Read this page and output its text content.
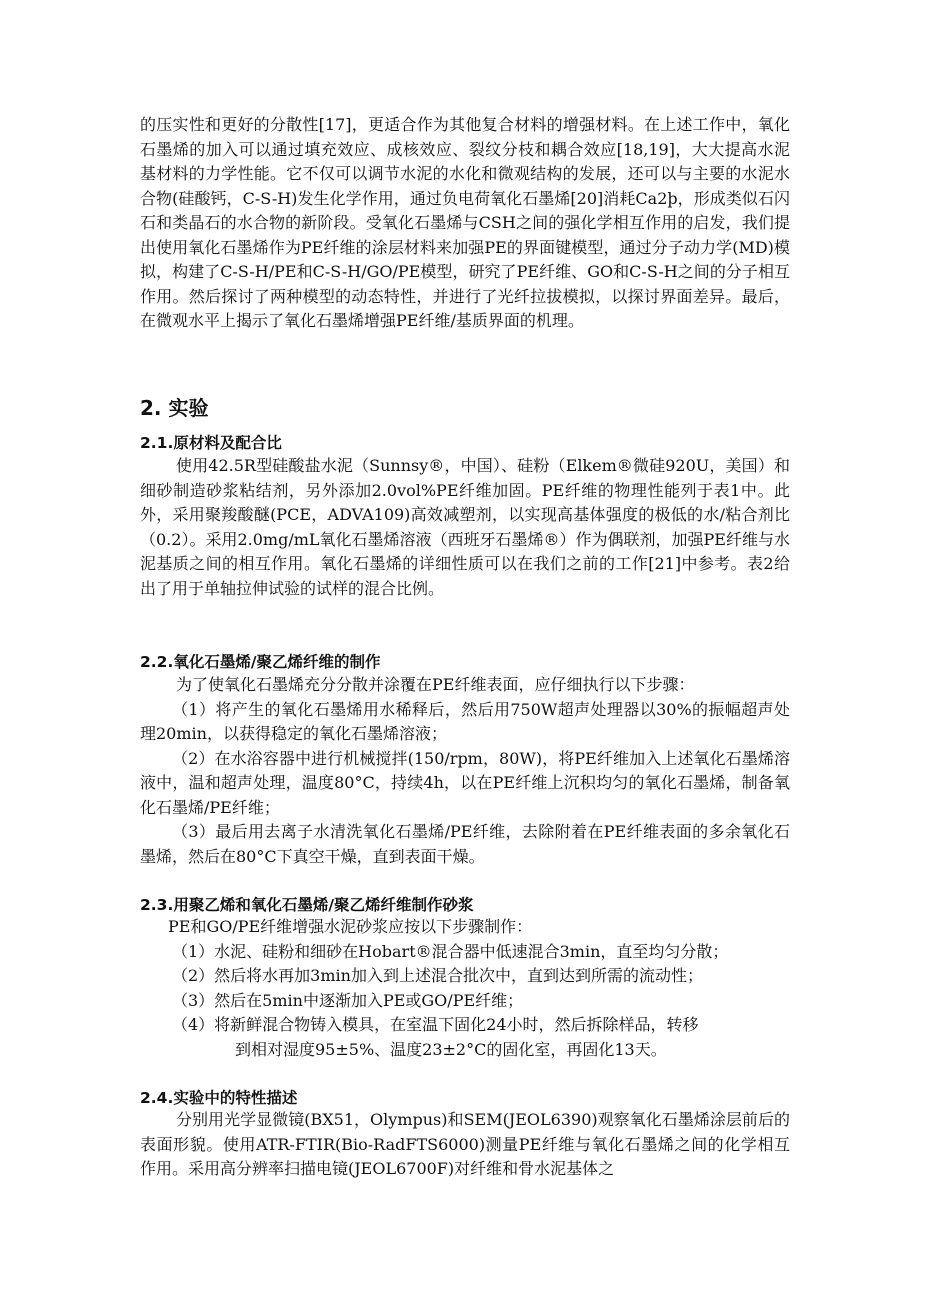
的压实性和更好的分散性[17]，更适合作为其他复合材料的增强材料。在上述工作中，氧化石墨烯的加入可以通过填充效应、成核效应、裂纹分枝和耦合效应[18,19]，大大提高水泥基材料的力学性能。它不仅可以调节水泥的水化和微观结构的发展，还可以与主要的水泥水合物(硅酸钙，C-S-H)发生化学作用，通过负电荷氧化石墨烯[20]消耗Ca2þ，形成类似石闪石和类晶石的水合物的新阶段。受氧化石墨烯与CSH之间的强化学相互作用的启发，我们提出使用氧化石墨烯作为PE纤维的涂层材料来加强PE的界面键模型，通过分子动力学(MD)模拟，构建了C-S-H/PE和C-S-H/GO/PE模型，研究了PE纤维、GO和C-S-H之间的分子相互作用。然后探讨了两种模型的动态特性，并进行了光纤拉拔模拟，以探讨界面差异。最后，在微观水平上揭示了氧化石墨烯增强PE纤维/基质界面的机理。

2. 实验
2.1.原材料及配合比

使用42.5R型硅酸盐水泥（Sunnsy®，中国）、硅粉（Elkem®微硅920U，美国）和细砂制造砂浆粘结剂，另外添加2.0vol%PE纤维加固。PE纤维的物理性能列于表1中。此外，采用聚羧酸醚(PCE，ADVA109)高效减塑剂，以实现高基体强度的极低的水/粘合剂比（0.2）。采用2.0mg/mL氧化石墨烯溶液（西班牙石墨烯®）作为偶联剂，加强PE纤维与水泥基质之间的相互作用。氧化石墨烯的详细性质可以在我们之前的工作[21]中参考。表2给出了用于单轴拉伸试验的试样的混合比例。

2.2.氧化石墨烯/聚乙烯纤维的制作

为了使氧化石墨烯充分分散并涂覆在PE纤维表面，应仔细执行以下步骤：

（1）将产生的氧化石墨烯用水稀释后，然后用750W超声处理器以30%的振幅超声处理20min，以获得稳定的氧化石墨烯溶液；

（2）在水浴容器中进行机械搅拌(150/rpm，80W)，将PE纤维加入上述氧化石墨烯溶液中，温和超声处理，温度80°C，持续4h，以在PE纤维上沉积均匀的氧化石墨烯，制备氧化石墨烯/PE纤维；

（3）最后用去离子水清洗氧化石墨烯/PE纤维，去除附着在PE纤维表面的多余氧化石墨烯，然后在80°C下真空干燥，直到表面干燥。

2.3.用聚乙烯和氧化石墨烯/聚乙烯纤维制作砂浆

PE和GO/PE纤维增强水泥砂浆应按以下步骤制作：

（1）水泥、硅粉和细砂在Hobart®混合器中低速混合3min，直至均匀分散；

（2）然后将水再加3min加入到上述混合批次中，直到达到所需的流动性；

（3）然后在5min中逐渐加入PE或GO/PE纤维；

（4）将新鲜混合物铸入模具，在室温下固化24小时，然后拆除样品，转移

到相对湿度95±5%、温度23±2°C的固化室，再固化13天。

2.4.实验中的特性描述

分别用光学显微镜(BX51，Olympus)和SEM(JEOL6390)观察氧化石墨烯涂层前后的表面形貌。使用ATR-FTIR(Bio-RadFTS6000)测量PE纤维与氧化石墨烯之间的化学相互作用。采用高分辨率扫描电镜(JEOL6700F)对纤维和骨水泥基体之
